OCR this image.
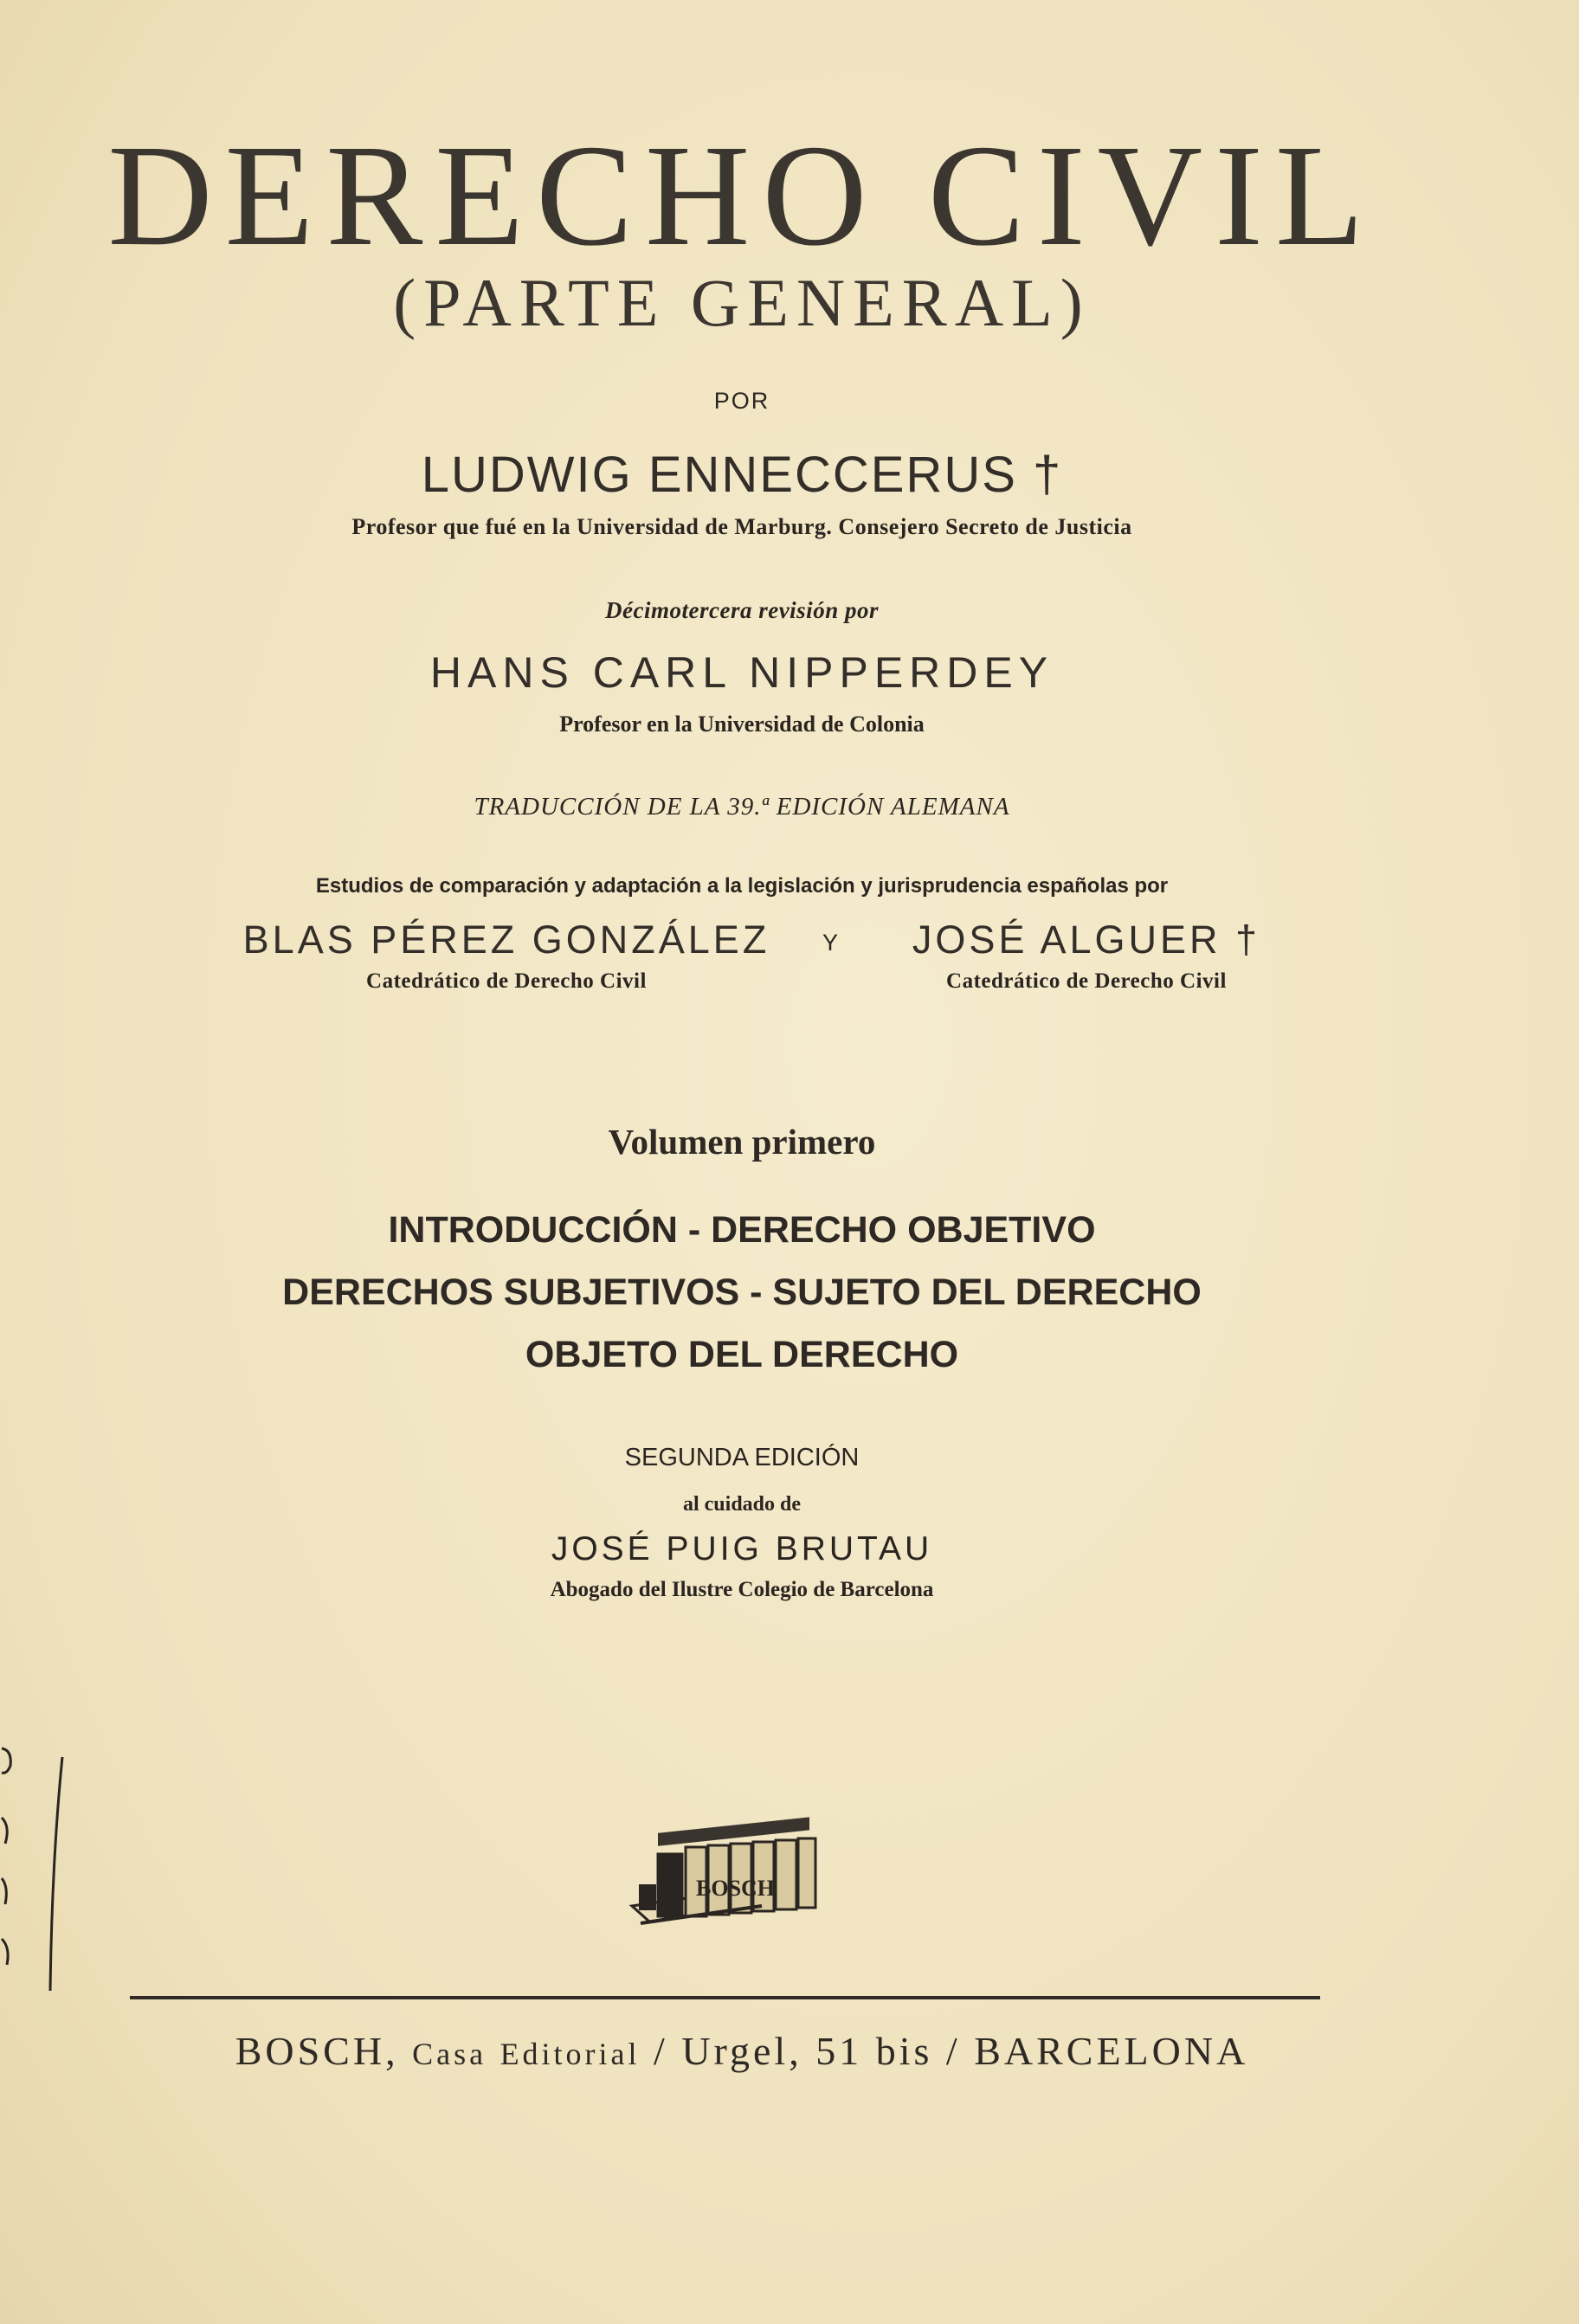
DERECHO CIVIL
(PARTE GENERAL)
POR
LUDWIG ENNECCERUS †
Profesor que fué en la Universidad de Marburg. Consejero Secreto de Justicia
Décimotercera revisión por
HANS CARL NIPPERDEY
Profesor en la Universidad de Colonia
TRADUCCIÓN DE LA 39.ª EDICIÓN ALEMANA
Estudios de comparación y adaptación a la legislación y jurisprudencia españolas por
BLAS PÉREZ GONZÁLEZ
Catedrático de Derecho Civil
Y	JOSÉ ALGUER †
Catedrático de Derecho Civil
Volumen primero
INTRODUCCIÓN - DERECHO OBJETIVO
DERECHOS SUBJETIVOS - SUJETO DEL DERECHO
OBJETO DEL DERECHO
SEGUNDA EDICIÓN
al cuidado de
JOSÉ PUIG BRUTAU
Abogado del Ilustre Colegio de Barcelona
BOSCH
BOSCH, Casa Editorial / Urgel, 51 bis / BARCELONA
